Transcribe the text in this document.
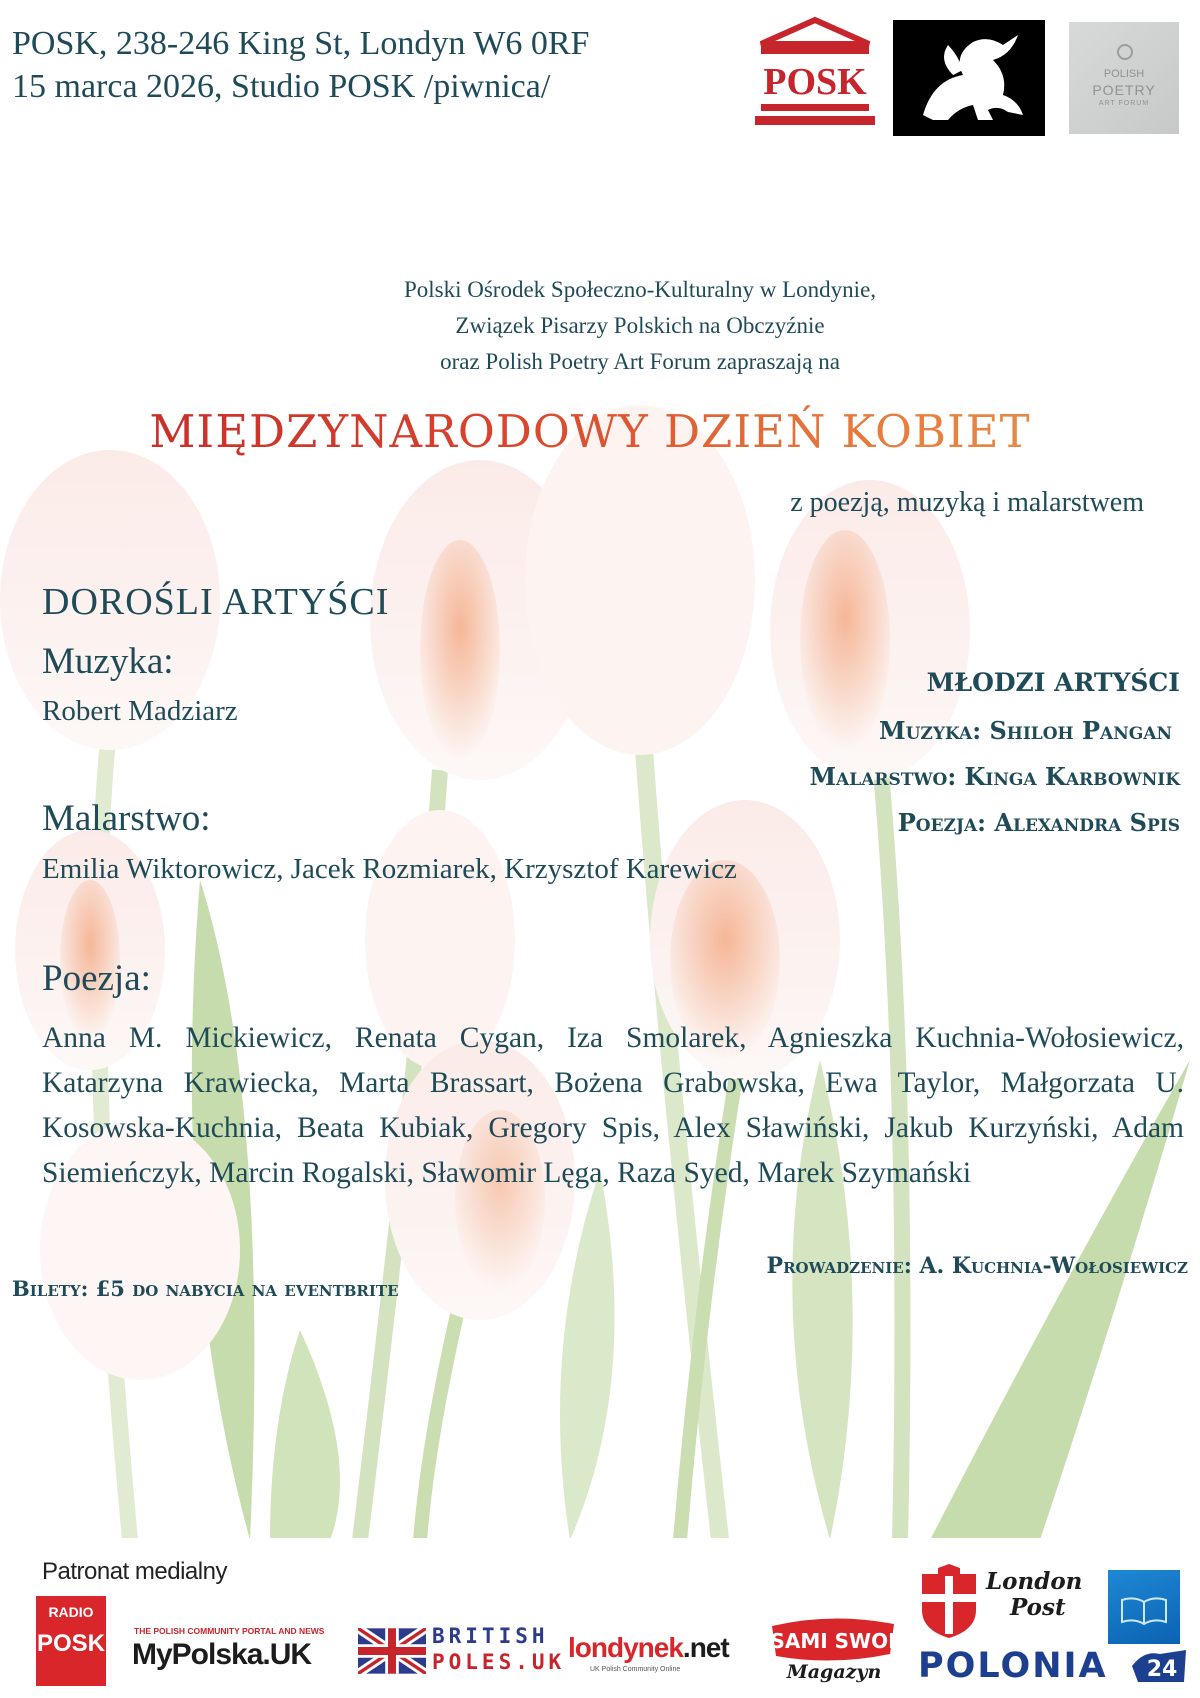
POSK, 238-246 King St, Londyn W6 0RF
15 marca 2026, Studio POSK /piwnica/	POSK	POLISH
POETRY
ART FORUM
Polski Ośrodek Społeczno-Kulturalny w Londynie,
Związek Pisarzy Polskich na Obczyźnie
oraz Polish Poetry Art Forum zapraszają na
MIĘDZYNARODOWY DZIEŃ KOBIET
z poezją, muzyką i malarstwem
DOROŚLI ARTYŚCI
Muzyka:
Robert Madziarz
Malarstwo:
Emilia Wiktorowicz, Jacek Rozmiarek, Krzysztof Karewicz
Poezja:
Anna M. Mickiewicz, Renata Cygan, Iza Smolarek, Agnieszka Kuchnia-Wołosiewicz, Katarzyna Krawiecka, Marta Brassart, Bożena Grabowska, Ewa Taylor, Małgorzata U. Kosowska-Kuchnia, Beata Kubiak, Gregory Spis, Alex Sławiński, Jakub Kurzyński, Adam Siemieńczyk, Marcin Rogalski, Sławomir Lęga, Raza Syed, Marek Szymański
MŁODZI ARTYŚCI
Muzyka: Shiloh Pangan
Malarstwo: Kinga Karbownik
Poezja: Alexandra Spis
Prowadzenie: A. Kuchnia-Wołosiewicz
Bilety: £5 do nabycia na eventbrite
Patronat medialny
RADIO
POSK	THE POLISH COMMUNITY PORTAL AND NEWS
MyPolska.UK
BRITISH
POLES.UK londynek.net
UK Polish Community Online
SAMI SWOI
Magazyn
London
Post
POLONIA 24
